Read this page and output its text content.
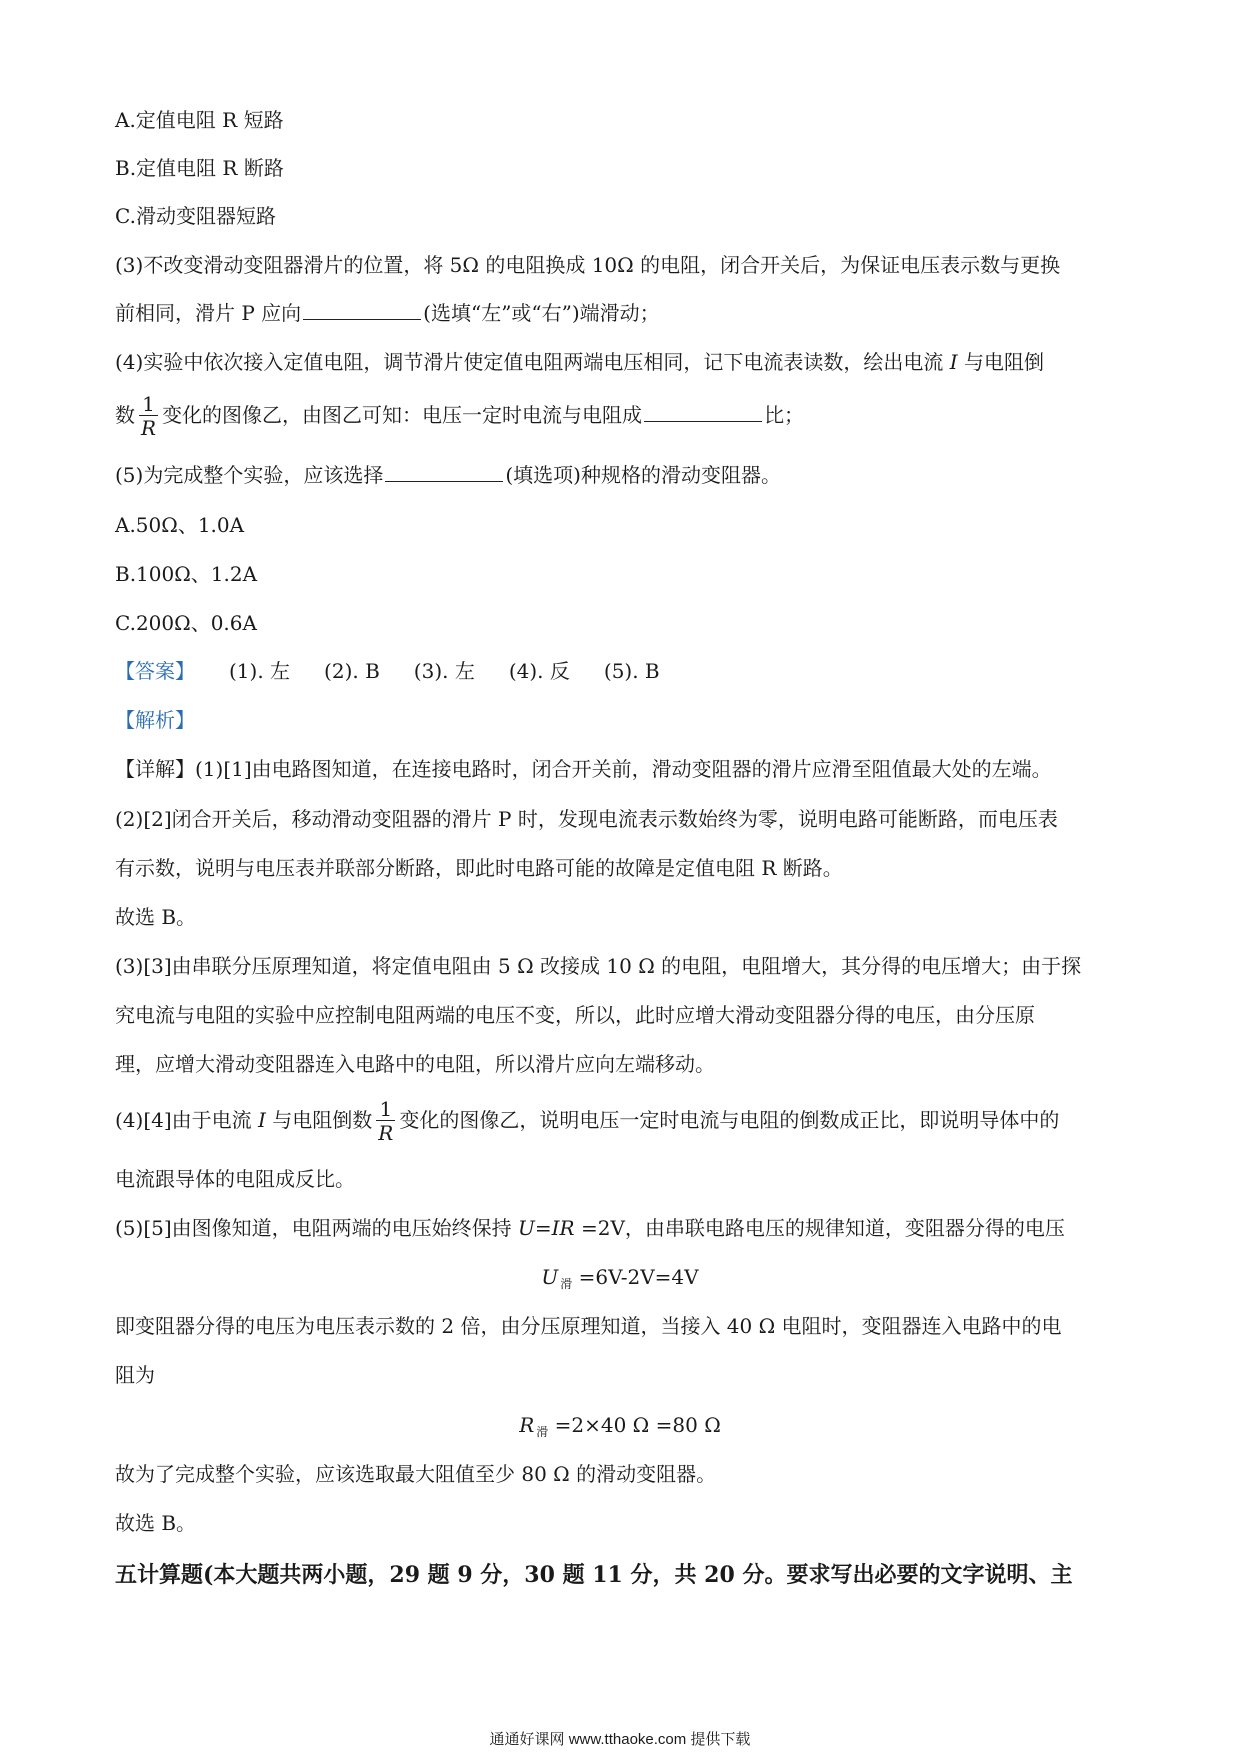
A.定值电阻 R 短路
B.定值电阻 R 断路
C.滑动变阻器短路
(3)不改变滑动变阻器滑片的位置，将 5Ω 的电阻换成 10Ω 的电阻，闭合开关后，为保证电压表示数与更换
前相同，滑片 P 应向	(选填“左”或“右”)端滑动；
(4)实验中依次接入定值电阻，调节滑片使定值电阻两端电压相同，记下电流表读数，绘出电流 I 与电阻倒
数 $\frac{1}{R}$ 变化的图像乙，由图乙可知：电压一定时电流与电阻成	比；
(5)为完成整个实验，应该选择	(填选项)种规格的滑动变阻器。
A.50Ω、1.0A
B.100Ω、1.2A
C.200Ω、0.6A
【答案】 (1). 左 (2). B (3). 左 (4). 反 (5). B
【解析】
【详解】(1)[1]由电路图知道，在连接电路时，闭合开关前，滑动变阻器的滑片应滑至阻值最大处的左端。
(2)[2]闭合开关后，移动滑动变阻器的滑片 P 时，发现电流表示数始终为零，说明电路可能断路，而电压表
有示数，说明与电压表并联部分断路，即此时电路可能的故障是定值电阻 R 断路。
故选 B。
(3)[3]由串联分压原理知道，将定值电阻由 5 Ω 改接成 10 Ω 的电阻，电阻增大，其分得的电压增大；由于探
究电流与电阻的实验中应控制电阻两端的电压不变，所以，此时应增大滑动变阻器分得的电压，由分压原
理，应增大滑动变阻器连入电路中的电阻，所以滑片应向左端移动。
(4)[4]由于电流 I 与电阻倒数 $\frac{1}{R}$ 变化的图像乙，说明电压一定时电流与电阻的倒数成正比，即说明导体中的
电流跟导体的电阻成反比。
(5)[5]由图像知道，电阻两端的电压始终保持 U=IR =2V，由串联电路电压的规律知道，变阻器分得的电压
U $_滑$ =6V-2V=4V
即变阻器分得的电压为电压表示数的 2 倍，由分压原理知道，当接入 40 Ω 电阻时，变阻器连入电路中的电
阻为
R $_滑$ =2×40 Ω =80 Ω
故为了完成整个实验，应该选取最大阻值至少 80 Ω 的滑动变阻器。
故选 B。
五计算题(本大题共两小题，29 题 9 分，30 题 11 分，共 20 分。要求写出必要的文字说明、主
通通好课网 www.tthaoke.com 提供下载
